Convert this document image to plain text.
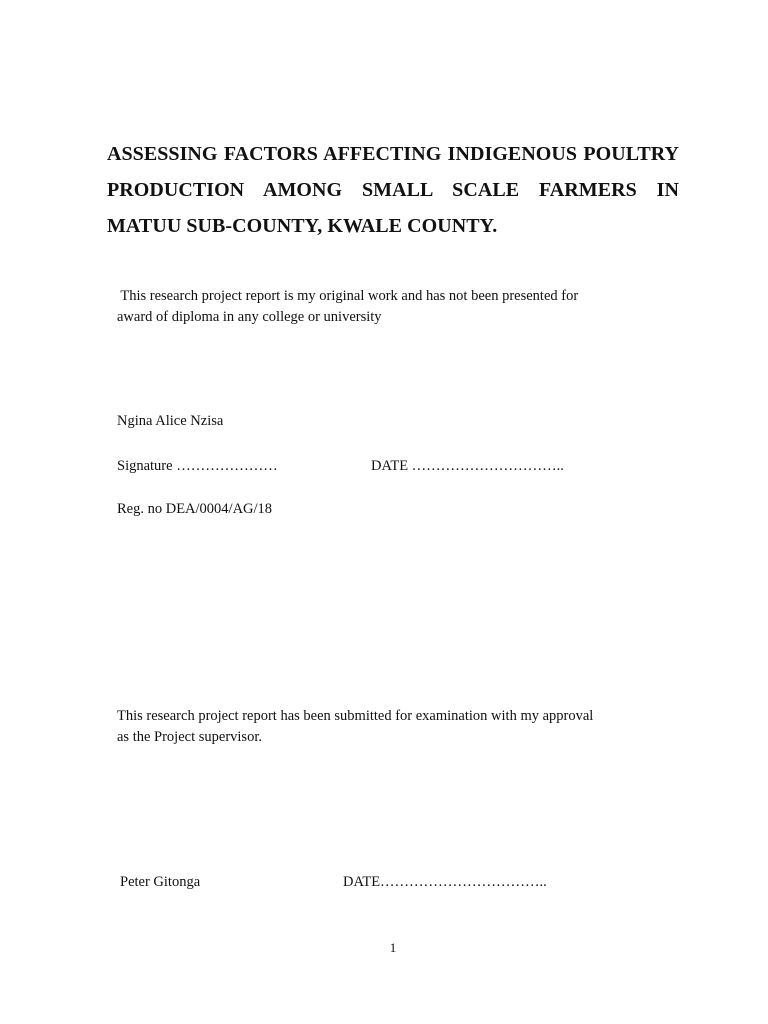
ASSESSING FACTORS AFFECTING INDIGENOUS POULTRY
PRODUCTION AMONG SMALL SCALE FARMERS IN
MATUU SUB-COUNTY, KWALE COUNTY.

This research project report is my original work and has not been presented for
award of diploma in any college or university

Ngina Alice Nzisa
Signature …………………	DATE …………………………..
Reg. no DEA/0004/AG/18

This research project report has been submitted for examination with my approval
as the Project supervisor.

Peter Gitonga	DATE……………………………..
1
